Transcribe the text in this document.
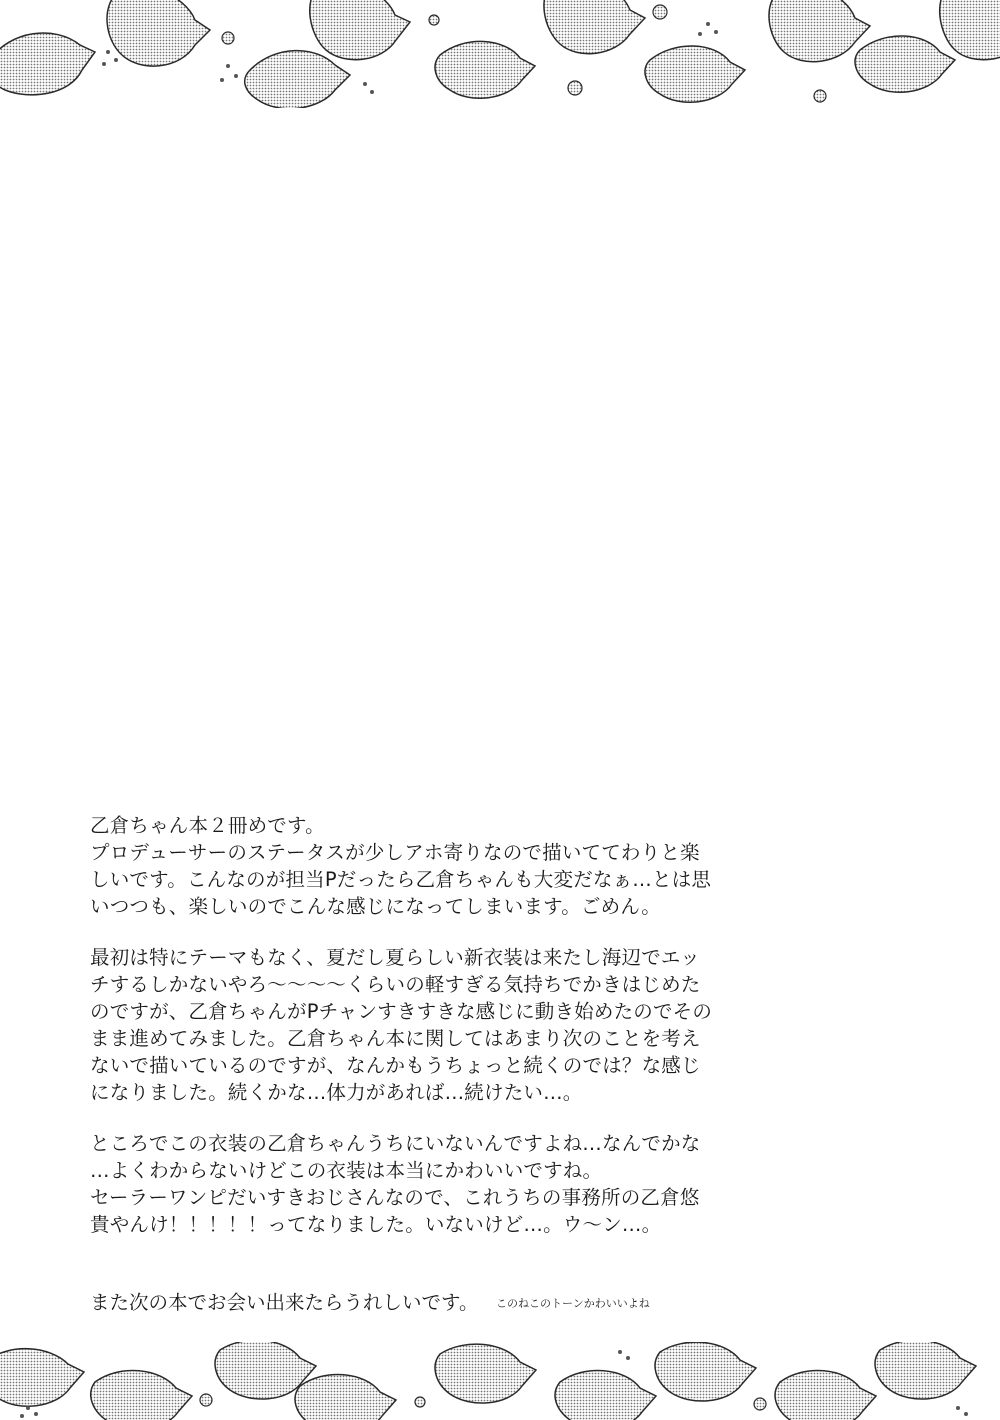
乙倉ちゃん本２冊めです。
プロデューサーのステータスが少しアホ寄りなので描いててわりと楽
しいです。こんなのが担当Pだったら乙倉ちゃんも大変だなぁ…とは思
いつつも、楽しいのでこんな感じになってしまいます。ごめん。
最初は特にテーマもなく、夏だし夏らしい新衣装は来たし海辺でエッ
チするしかないやろ～～～～くらいの軽すぎる気持ちでかきはじめた
のですが、乙倉ちゃんがPチャンすきすきな感じに動き始めたのでその
まま進めてみました。乙倉ちゃん本に関してはあまり次のことを考え
ないで描いているのですが、なんかもうちょっと続くのでは？な感じ
になりました。続くかな…体力があれば…続けたい…。
ところでこの衣装の乙倉ちゃんうちにいないんですよね…なんでかな
…よくわからないけどこの衣装は本当にかわいいですね。
セーラーワンピだいすきおじさんなので、これうちの事務所の乙倉悠
貴やんけ！！！！！ってなりました。いないけど…。ウ～ン…。
また次の本でお会い出来たらうれしいです。 このねこのトーンかわいいよね
